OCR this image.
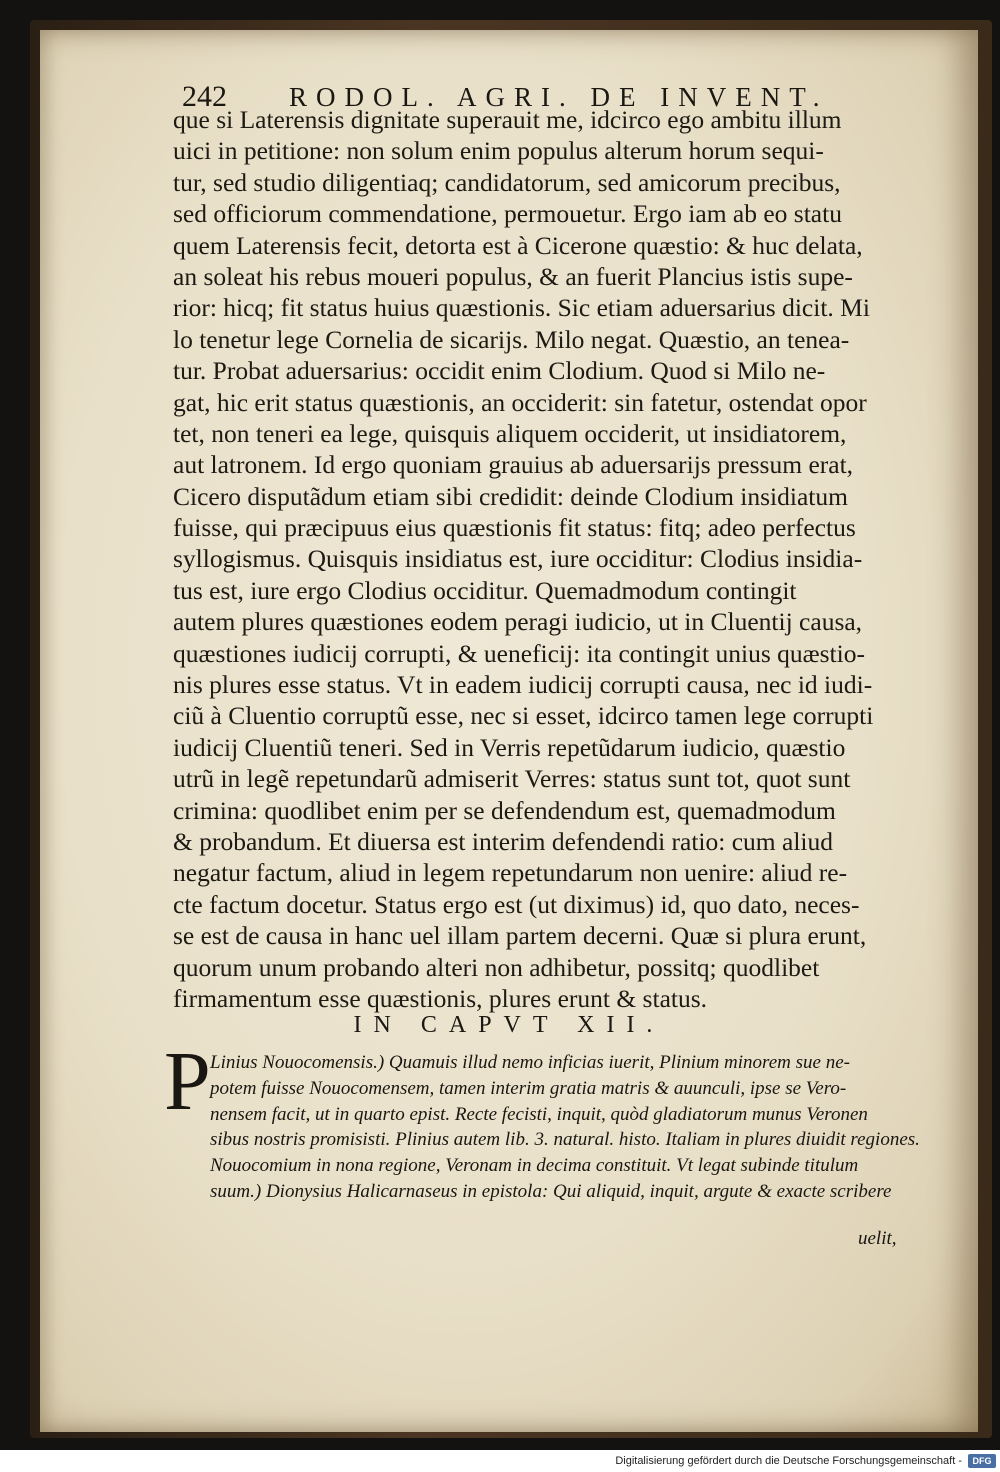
242 RODOL. AGRI. DE INVENT.
que si Laterensis dignitate superauit me, idcirco ego ambitu illum
uici in petitione: non solum enim populus alterum horum sequi-
tur, sed studio diligentiaq; candidatorum, sed amicorum precibus,
sed officiorum commendatione, permouetur. Ergo iam ab eo statu
quem Laterensis fecit, detorta est à Cicerone quæstio: & huc delata,
an soleat his rebus moueri populus, & an fuerit Plancius istis supe-
rior: hicq; fit status huius quæstionis. Sic etiam aduersarius dicit. Mi
lo tenetur lege Cornelia de sicarijs. Milo negat. Quæstio, an tenea-
tur. Probat aduersarius: occidit enim Clodium. Quod si Milo ne-
gat, hic erit status quæstionis, an occiderit: sin fatetur, ostendat opor
tet, non teneri ea lege, quisquis aliquem occiderit, ut insidiatorem,
aut latronem. Id ergo quoniam grauius ab aduersarijs pressum erat,
Cicero disputãdum etiam sibi credidit: deinde Clodium insidiatum
fuisse, qui præcipuus eius quæstionis fit status: fitq; adeo perfectus
syllogismus. Quisquis insidiatus est, iure occiditur: Clodius insidia-
tus est, iure ergo Clodius occiditur. Quemadmodum contingit
autem plures quæstiones eodem peragi iudicio, ut in Cluentij causa,
quæstiones iudicij corrupti, & ueneficij: ita contingit unius quæstio-
nis plures esse status. Vt in eadem iudicij corrupti causa, nec id iudi-
ciũ à Cluentio corruptũ esse, nec si esset, idcirco tamen lege corrupti
iudicij Cluentiũ teneri. Sed in Verris repetũdarum iudicio, quæstio
utrũ in legẽ repetundarũ admiserit Verres: status sunt tot, quot sunt
crimina: quodlibet enim per se defendendum est, quemadmodum
& probandum. Et diuersa est interim defendendi ratio: cum aliud
negatur factum, aliud in legem repetundarum non uenire: aliud re-
cte factum docetur. Status ergo est (ut diximus) id, quo dato, neces-
se est de causa in hanc uel illam partem decerni. Quæ si plura erunt,
quorum unum probando alteri non adhibetur, possitq; quodlibet
firmamentum esse quæstionis, plures erunt & status.
IN CAPVT XII.
P Linius Nouocomensis.) Quamuis illud nemo inficias iuerit, Plinium minorem sue ne-
potem fuisse Nouocomensem, tamen interim gratia matris & auunculi, ipse se Vero-
nensem facit, ut in quarto epist. Recte fecisti, inquit, quòd gladiatorum munus Veronen
sibus nostris promisisti. Plinius autem lib. 3. natural. histo. Italiam in plures diuidit regiones.
Nouocomium in nona regione, Veronam in decima constituit. Vt legat subinde titulum
suum.) Dionysius Halicarnaseus in epistola: Qui aliquid, inquit, argute & exacte scribere
uelit,
Digitalisierung gefördert durch die Deutsche Forschungsgemeinschaft -	DFG
